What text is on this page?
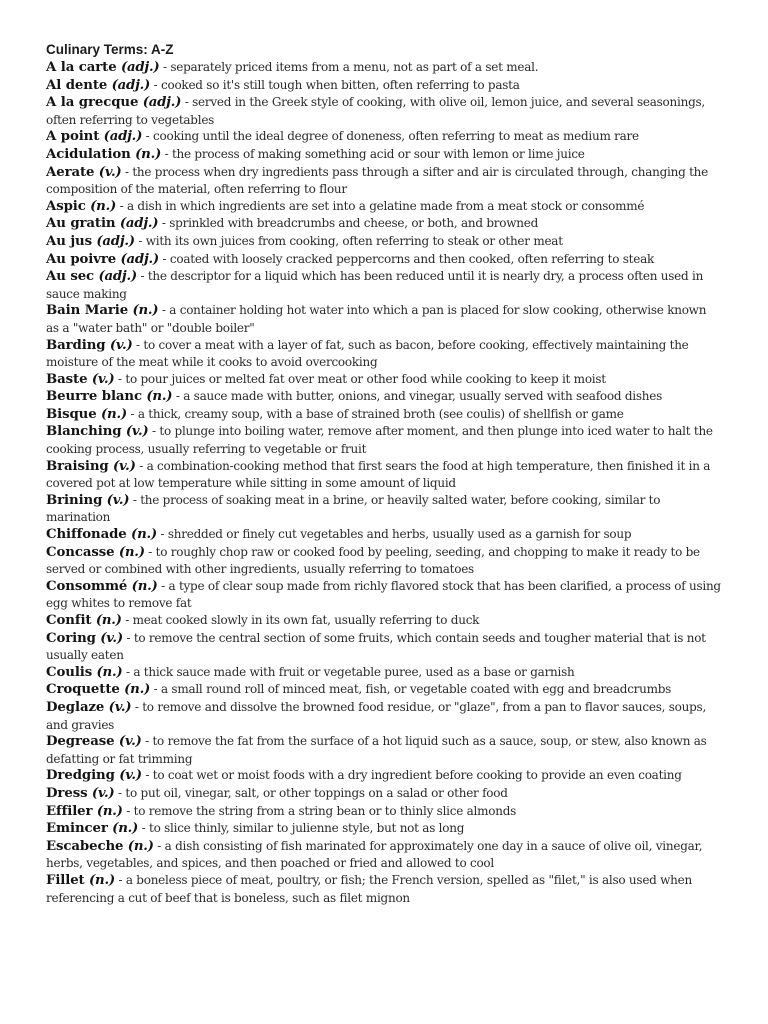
Culinary Terms: A-Z

A la carte (adj.) - separately priced items from a menu, not as part of a set meal.

Al dente (adj.) - cooked so it's still tough when bitten, often referring to pasta

A la grecque (adj.) - served in the Greek style of cooking, with olive oil, lemon juice, and several seasonings, often referring to vegetables

A point (adj.) - cooking until the ideal degree of doneness, often referring to meat as medium rare

Acidulation (n.) - the process of making something acid or sour with lemon or lime juice

Aerate (v.) - the process when dry ingredients pass through a sifter and air is circulated through, changing the composition of the material, often referring to flour

Aspic (n.) - a dish in which ingredients are set into a gelatine made from a meat stock or consommé

Au gratin (adj.) - sprinkled with breadcrumbs and cheese, or both, and browned

Au jus (adj.) - with its own juices from cooking, often referring to steak or other meat

Au poivre (adj.) - coated with loosely cracked peppercorns and then cooked, often referring to steak

Au sec (adj.) - the descriptor for a liquid which has been reduced until it is nearly dry, a process often used in sauce making

Bain Marie (n.) - a container holding hot water into which a pan is placed for slow cooking, otherwise known as a "water bath" or "double boiler"

Barding (v.) - to cover a meat with a layer of fat, such as bacon, before cooking, effectively maintaining the moisture of the meat while it cooks to avoid overcooking

Baste (v.) - to pour juices or melted fat over meat or other food while cooking to keep it moist

Beurre blanc (n.) - a sauce made with butter, onions, and vinegar, usually served with seafood dishes

Bisque (n.) - a thick, creamy soup, with a base of strained broth (see coulis) of shellfish or game

Blanching (v.) - to plunge into boiling water, remove after moment, and then plunge into iced water to halt the cooking process, usually referring to vegetable or fruit

Braising (v.) - a combination-cooking method that first sears the food at high temperature, then finished it in a covered pot at low temperature while sitting in some amount of liquid

Brining (v.) - the process of soaking meat in a brine, or heavily salted water, before cooking, similar to marination

Chiffonade (n.) - shredded or finely cut vegetables and herbs, usually used as a garnish for soup

Concasse (n.) - to roughly chop raw or cooked food by peeling, seeding, and chopping to make it ready to be served or combined with other ingredients, usually referring to tomatoes

Consommé (n.) - a type of clear soup made from richly flavored stock that has been clarified, a process of using egg whites to remove fat

Confit (n.) - meat cooked slowly in its own fat, usually referring to duck

Coring (v.) - to remove the central section of some fruits, which contain seeds and tougher material that is not usually eaten

Coulis (n.) - a thick sauce made with fruit or vegetable puree, used as a base or garnish

Croquette (n.) - a small round roll of minced meat, fish, or vegetable coated with egg and breadcrumbs

Deglaze (v.) - to remove and dissolve the browned food residue, or "glaze", from a pan to flavor sauces, soups, and gravies

Degrease (v.) - to remove the fat from the surface of a hot liquid such as a sauce, soup, or stew, also known as defatting or fat trimming

Dredging (v.) - to coat wet or moist foods with a dry ingredient before cooking to provide an even coating

Dress (v.) - to put oil, vinegar, salt, or other toppings on a salad or other food

Effiler (n.) - to remove the string from a string bean or to thinly slice almonds

Emincer (n.) - to slice thinly, similar to julienne style, but not as long

Escabeche (n.) - a dish consisting of fish marinated for approximately one day in a sauce of olive oil, vinegar, herbs, vegetables, and spices, and then poached or fried and allowed to cool

Fillet (n.) - a boneless piece of meat, poultry, or fish; the French version, spelled as "filet," is also used when referencing a cut of beef that is boneless, such as filet mignon
